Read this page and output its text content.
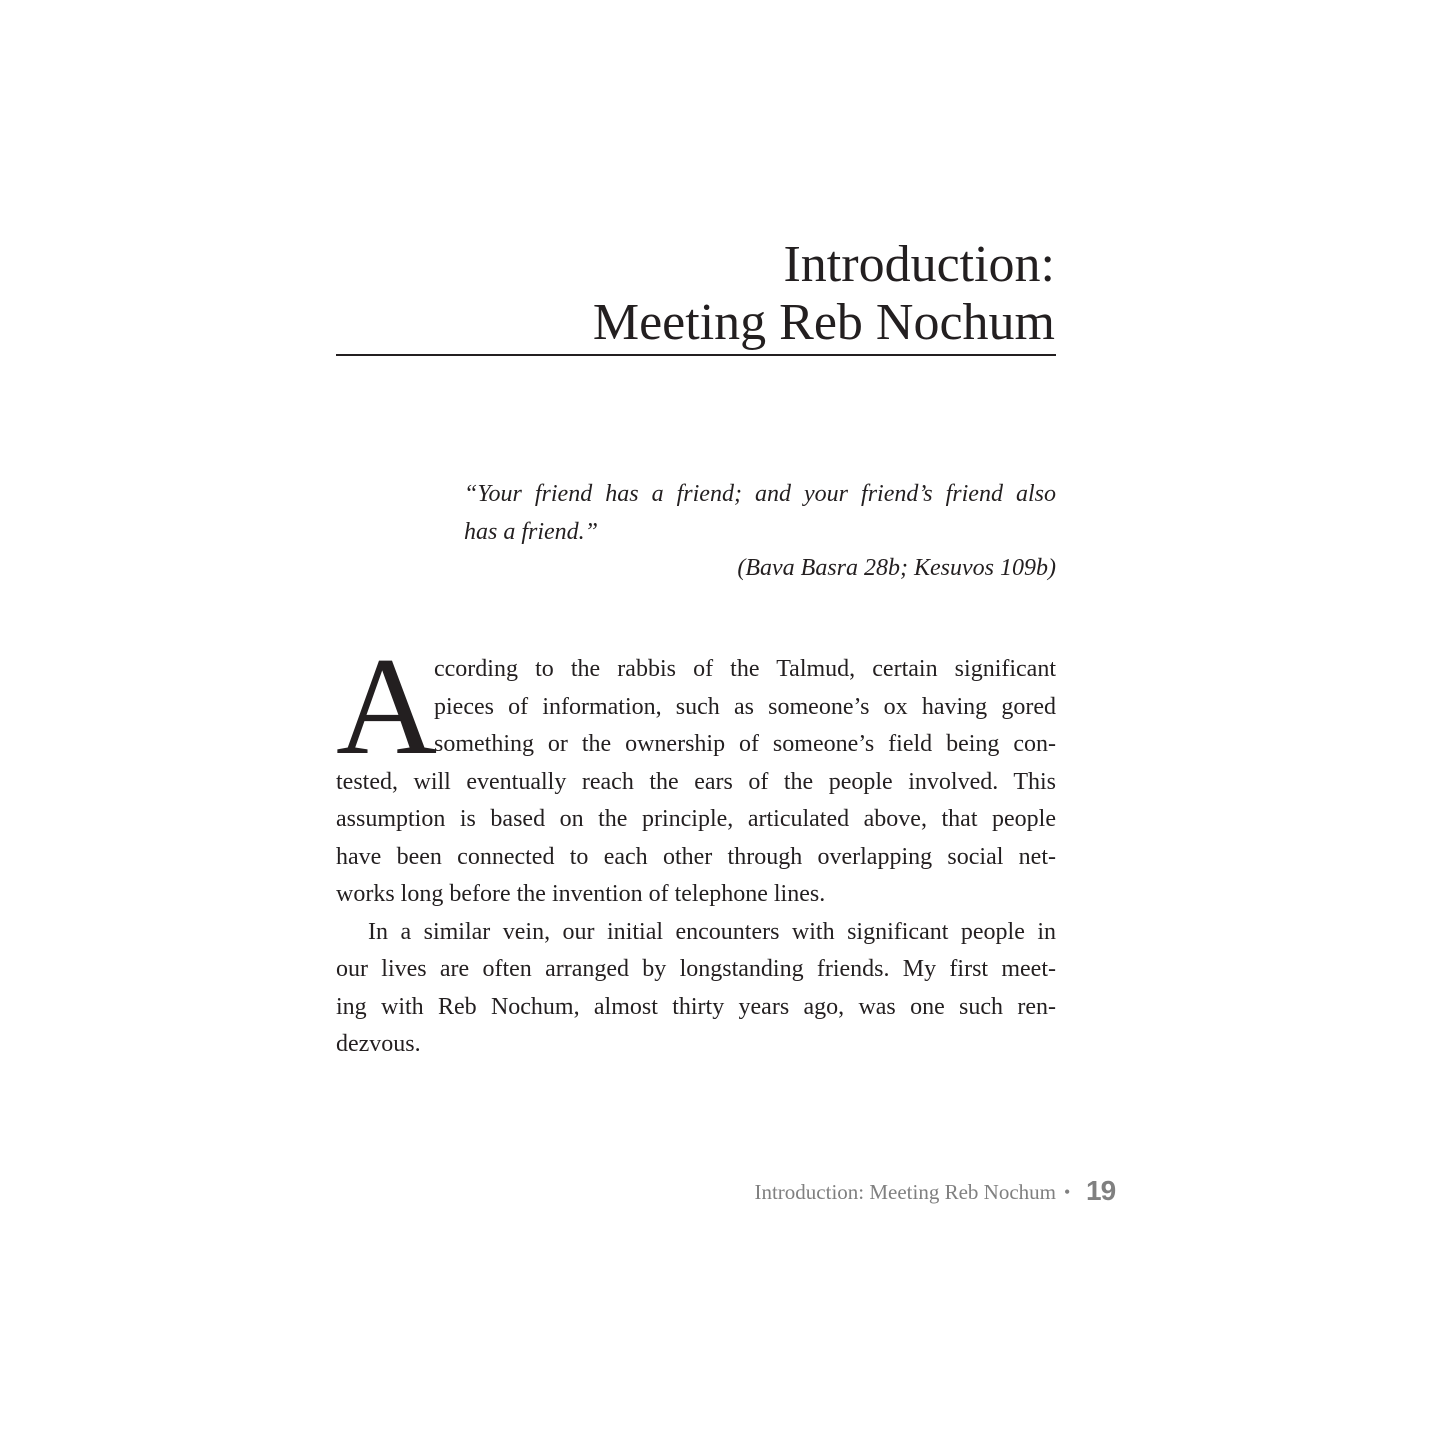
Introduction:
Meeting Reb Nochum

“Your friend has a friend; and your friend’s friend also
has a friend.”

(Bava Basra 28b; Kesuvos 109b)

A
ccording to the rabbis of the Talmud, certain significant
pieces of information, such as someone’s ox having gored
something or the ownership of someone’s field being con-
tested, will eventually reach the ears of the people involved. This
assumption is based on the principle, articulated above, that people
have been connected to each other through overlapping social net-
works long before the invention of telephone lines.

In a similar vein, our initial encounters with significant people in
our lives are often arranged by longstanding friends. My first meet-
ing with Reb Nochum, almost thirty years ago, was one such ren-
dezvous.

Introduction: Meeting Reb Nochum • 19
